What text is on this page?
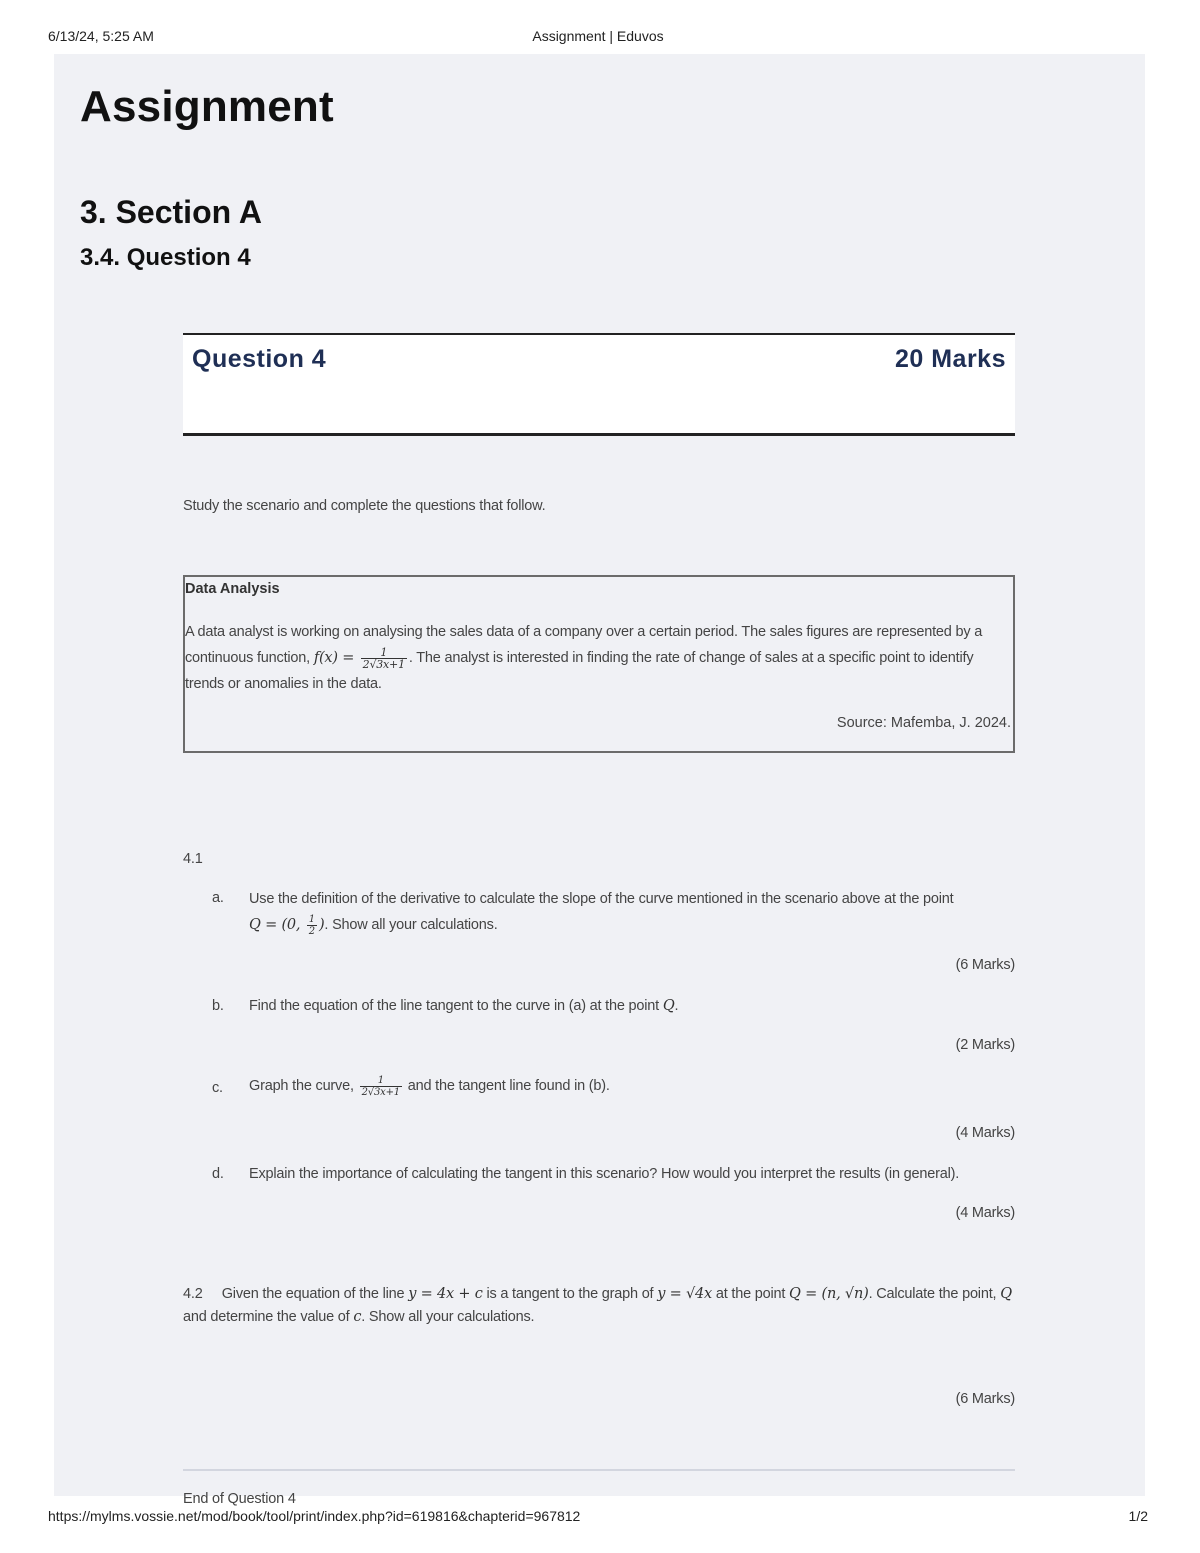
6/13/24, 5:25 AM	Assignment | Eduvos
Assignment
3. Section A
3.4. Question 4
Question 4	20 Marks
Study the scenario and complete the questions that follow.
Data Analysis
A data analyst is working on analysing the sales data of a company over a certain period. The sales figures are represented by a continuous function, $f(x) = \frac{1}{2√3x+1}$ . The analyst is interested in finding the rate of change of sales at a specific point to identify trends or anomalies in the data.
Source: Mafemba, J. 2024.
4.1
a. Use the definition of the derivative to calculate the slope of the curve mentioned in the scenario above at the point
Q = (0, $\frac{1}{2}$ ). Show all your calculations.
(6 Marks)
b. Find the equation of the line tangent to the curve in (a) at the point Q.
(2 Marks)
c. Graph the curve, $\frac{1}{2√3x+1}$ and the tangent line found in (b).
(4 Marks)
d. Explain the importance of calculating the tangent in this scenario? How would you interpret the results (in general).
(4 Marks)
4.2 Given the equation of the line y = 4x + c is a tangent to the graph of y = √4x at the point Q = (n, √n). Calculate the point, Q and determine the value of c. Show all your calculations.
(6 Marks)
End of Question 4
https://mylms.vossie.net/mod/book/tool/print/index.php?id=619816&chapterid=967812	1/2
